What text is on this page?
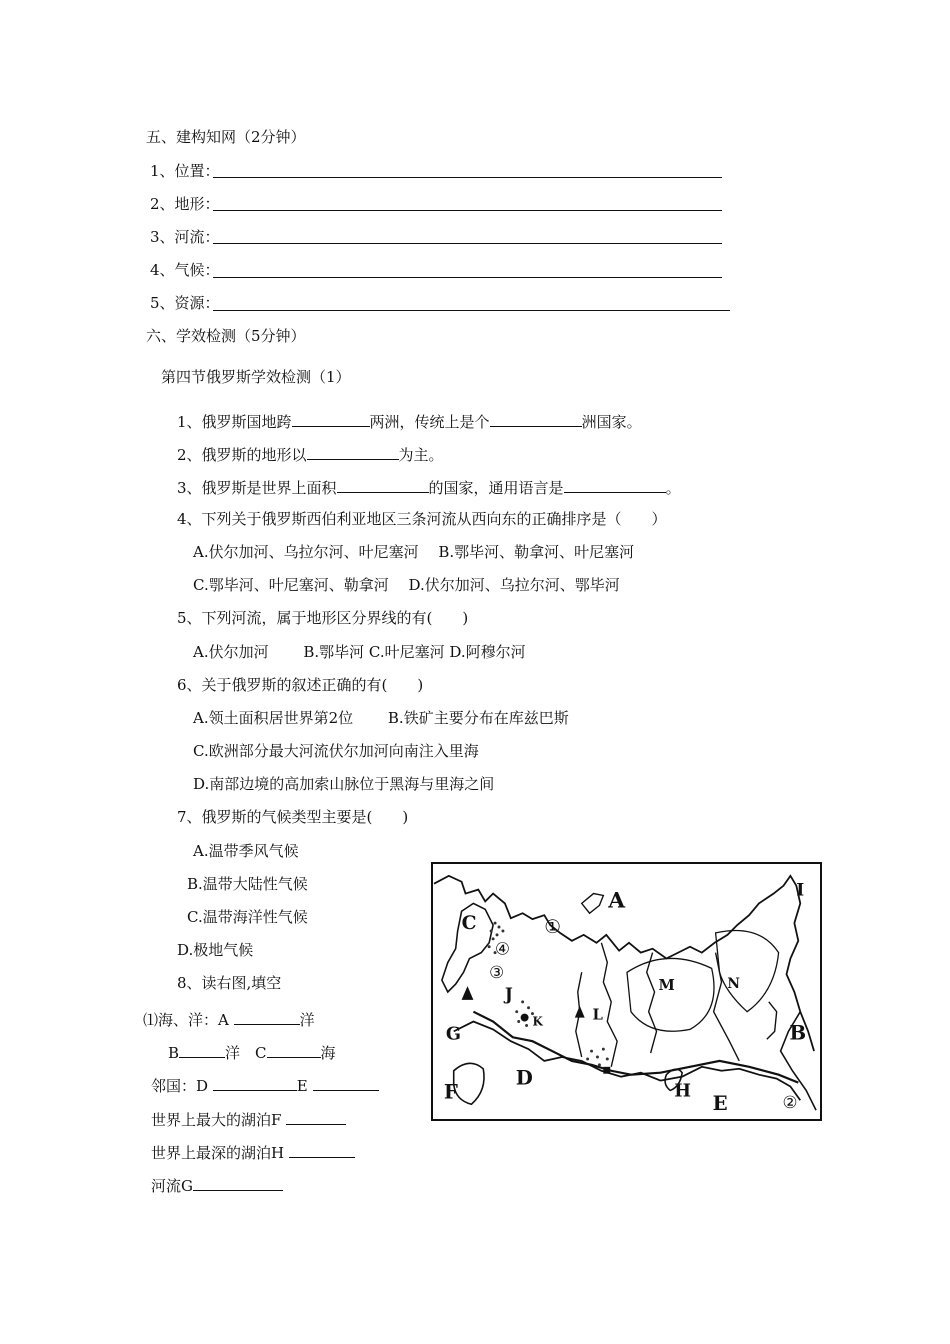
五、建构知网（2分钟）
1、位置：
2、地形：
3、河流：
4、气候：
5、资源：
六、学效检测（5分钟）
第四节俄罗斯学效检测（1）
1、俄罗斯国地跨	两洲，传统上是个	洲国家。
2、俄罗斯的地形以	为主。
3、俄罗斯是世界上面积	的国家，通用语言是	。
4、下列关于俄罗斯西伯利亚地区三条河流从西向东的正确排序是（　　）
A.伏尔加河、乌拉尔河、叶尼塞河　 B.鄂毕河、勒拿河、叶尼塞河
C.鄂毕河、叶尼塞河、勒拿河　 D.伏尔加河、乌拉尔河、鄂毕河
5、下列河流，属于地形区分界线的有(　　)
A.伏尔加河　　 B.鄂毕河 C.叶尼塞河 D.阿穆尔河
6、关于俄罗斯的叙述正确的有(　　)
A.领土面积居世界第2位　　 B.铁矿主要分布在库兹巴斯
C.欧洲部分最大河流伏尔加河向南注入里海
D.南部边境的高加索山脉位于黑海与里海之间
7、俄罗斯的气候类型主要是(　　)
A.温带季风气候
B.温带大陆性气候
C.温带海洋性气候
D.极地气候
8、读右图,填空
⑴海、洋：A	洋
B	洋　C	海
邻国：D	E
世界上最大的湖泊F
世界上最深的湖泊H
河流G
A
B
C
D
E
F
G
H
I
J
K	L
M	N
①
②
③
④
